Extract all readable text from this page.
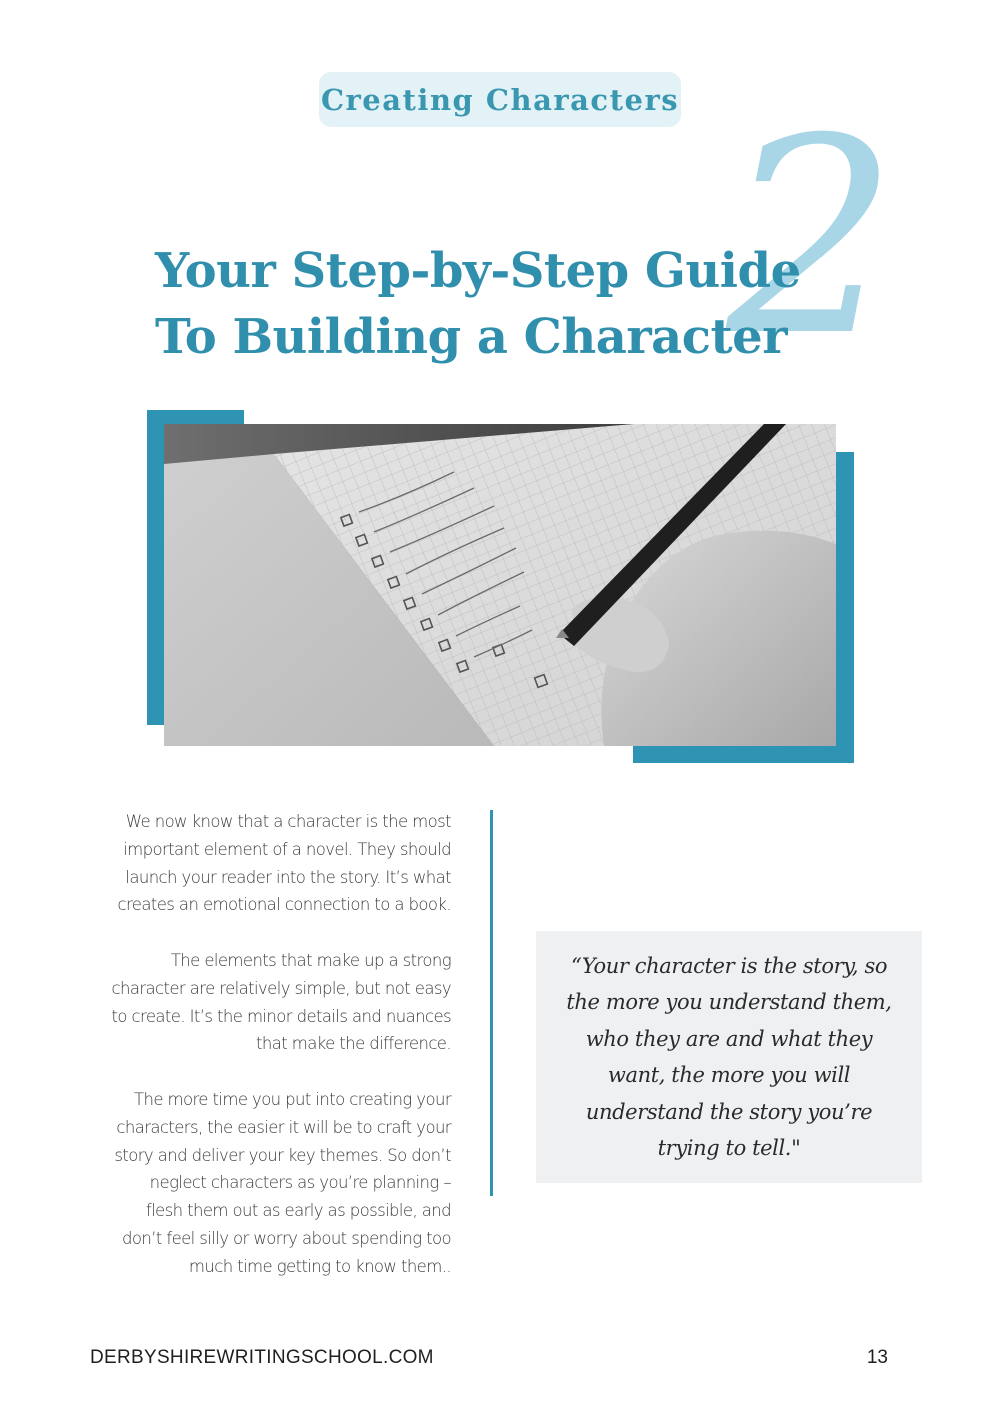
Creating Characters 2
Your Step-by-Step Guide
To Building a Character

We now know that a character is the most important element of a novel. They should launch your reader into the story. It’s what creates an emotional connection to a book.

The elements that make up a strong character are relatively simple, but not easy to create. It’s the minor details and nuances that make the difference.

The more time you put into creating your characters, the easier it will be to craft your story and deliver your key themes. So don’t neglect characters as you’re planning – flesh them out as early as possible, and don’t feel silly or worry about spending too much time getting to know them..

“Your character is the story, so the more you understand them, who they are and what they want, the more you will understand the story you’re trying to tell."

DERBYSHIREWRITINGSCHOOL.COM	13
